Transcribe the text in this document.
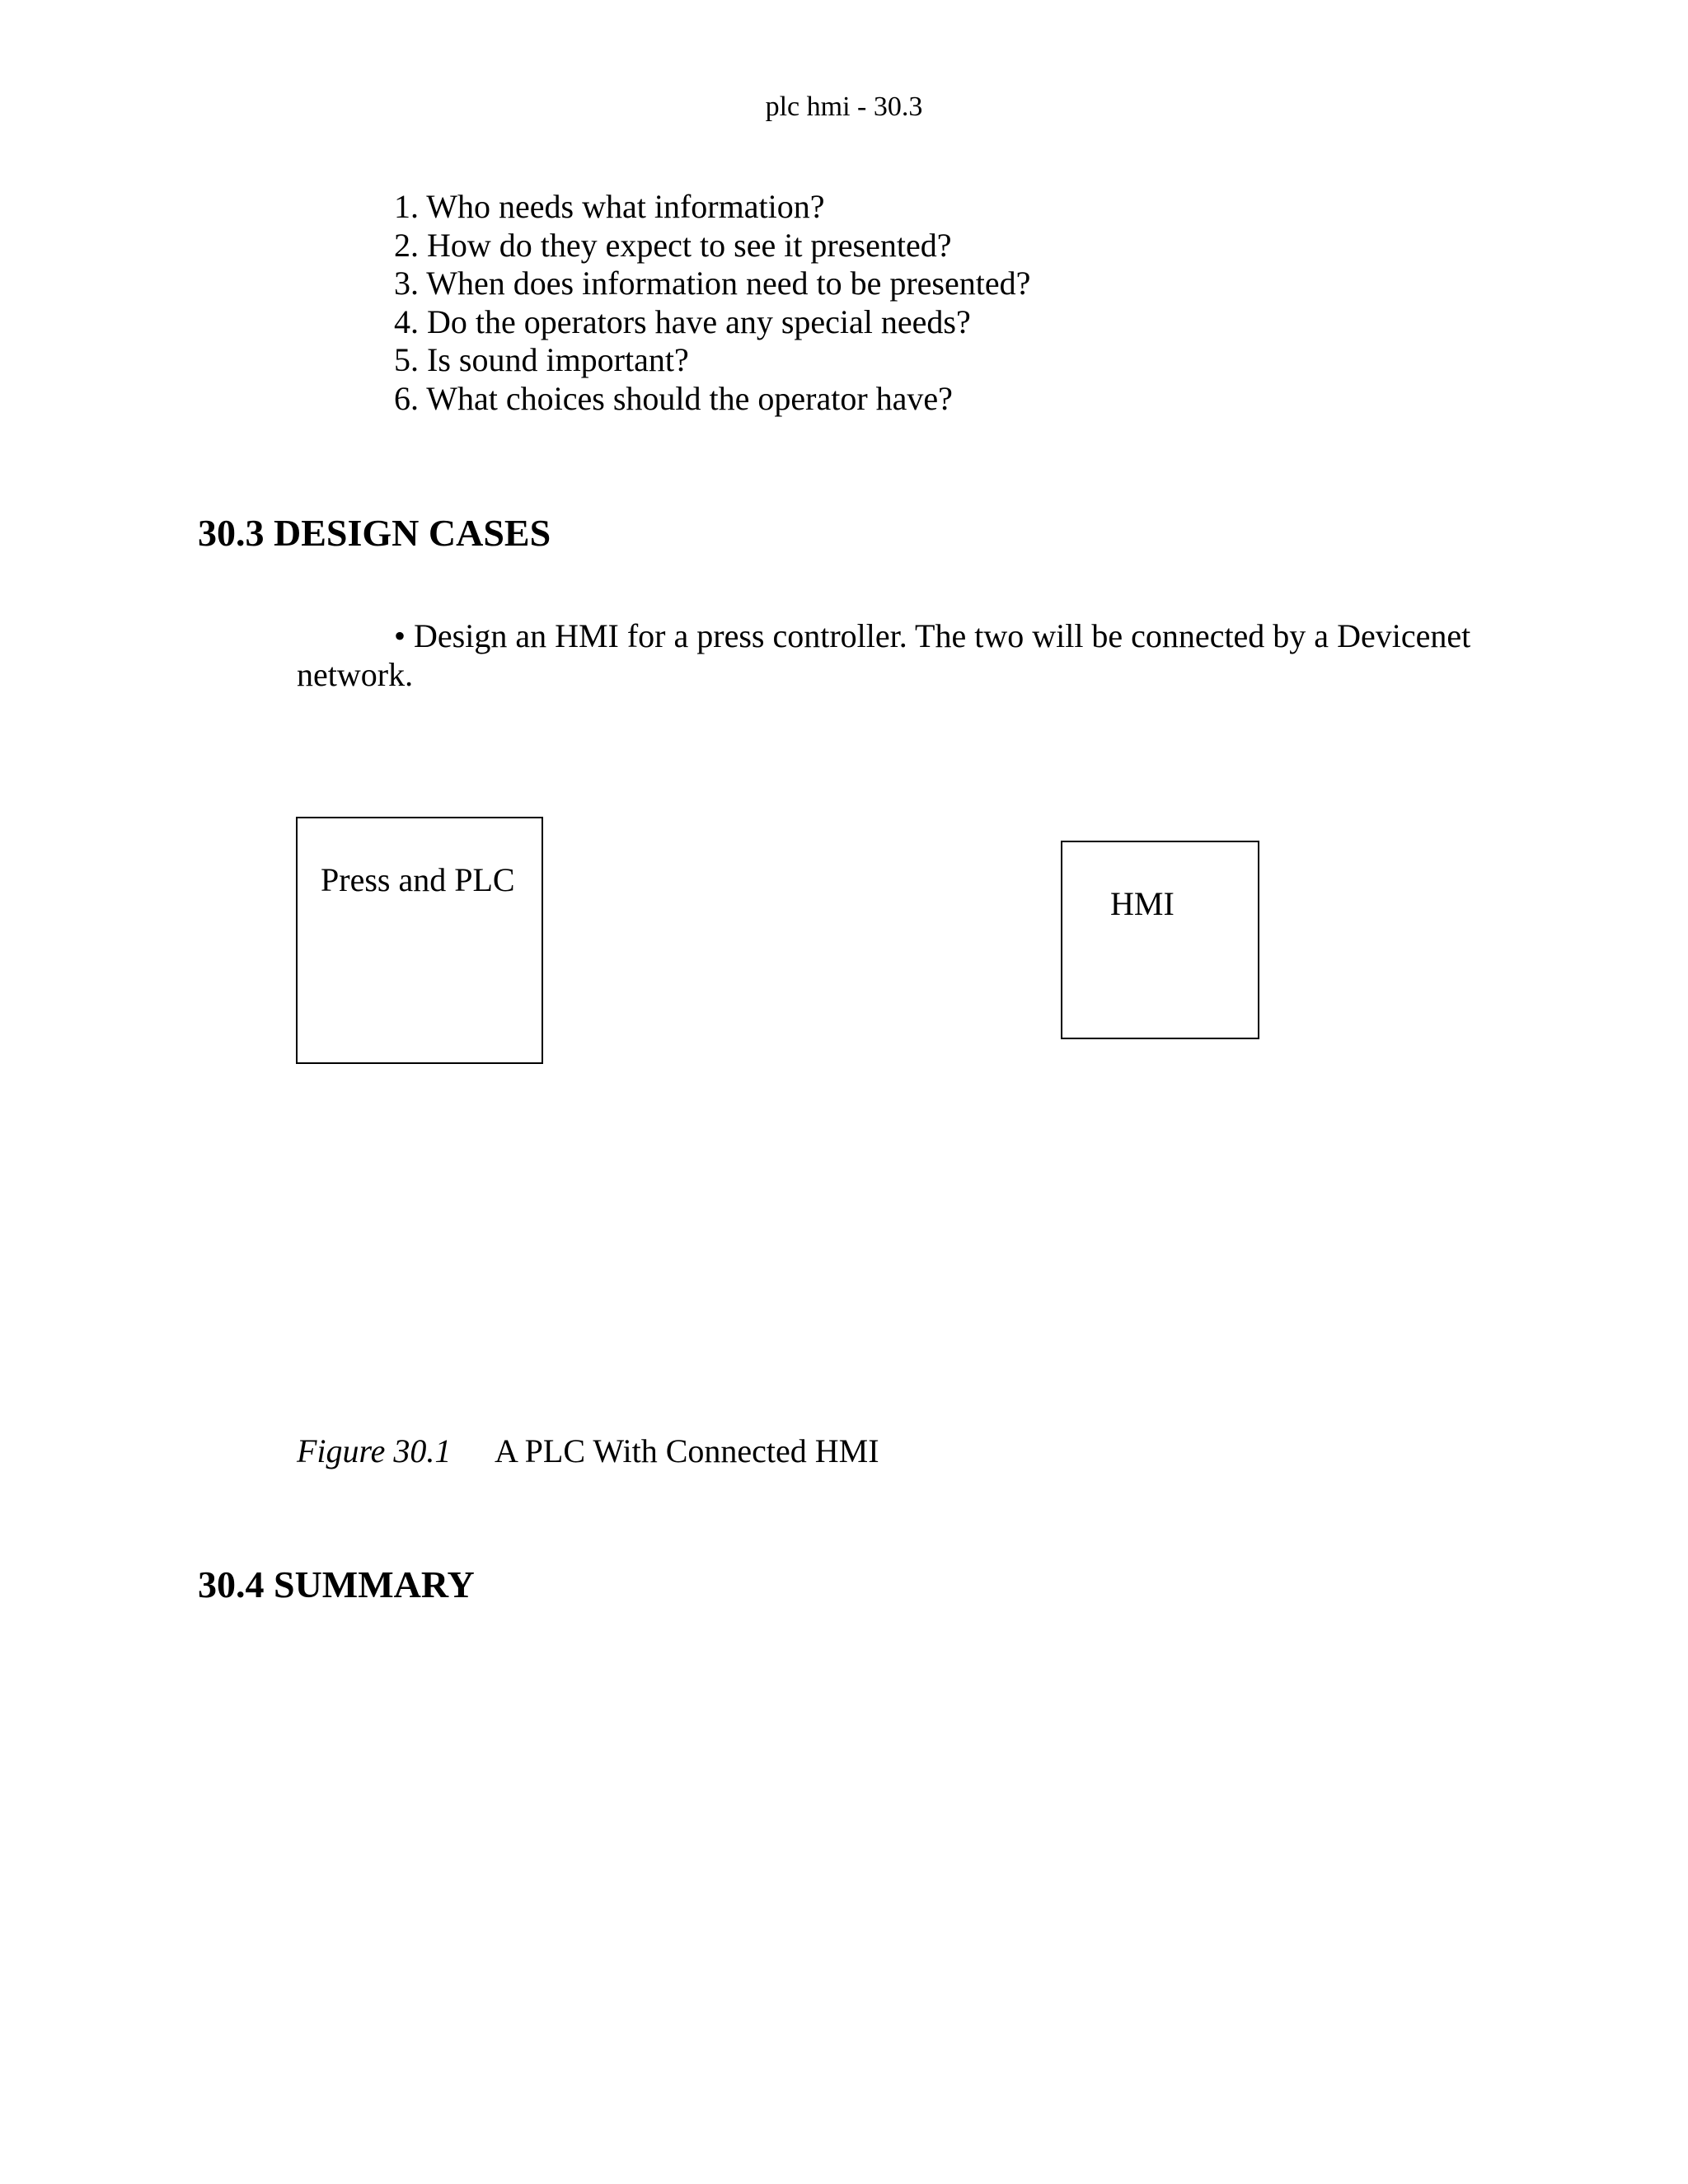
plc hmi - 30.3
1. Who needs what information?
2. How do they expect to see it presented?
3. When does information need to be presented?
4. Do the operators have any special needs?
5. Is sound important?
6. What choices should the operator have?
30.3 DESIGN CASES

• Design an HMI for a press controller. The two will be connected by a Devicenet network.

Press and PLC
HMI
Figure 30.1 A PLC With Connected HMI
30.4 SUMMARY
